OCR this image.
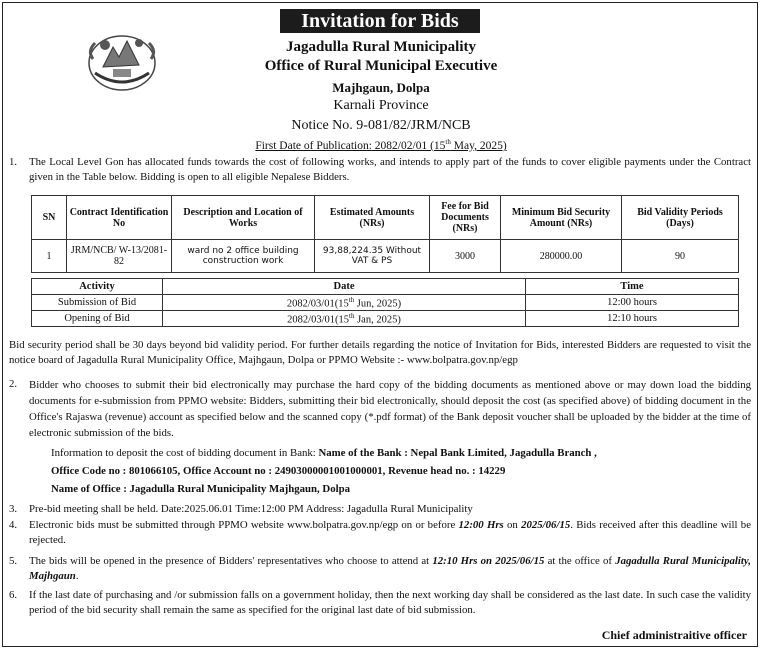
Invitation for Bids
Jagadulla Rural Municipality
Office of Rural Municipal Executive
Majhgaun, Dolpa
Karnali Province
Notice No. 9-081/82/JRM/NCB
First Date of Publication: 2082/02/01 (15th May, 2025)
1. The Local Level Gon has allocated funds towards the cost of following works, and intends to apply part of the funds to cover eligible payments under the Contract given in the Table below. Bidding is open to all eligible Nepalese Bidders.
SN	Contract Identification No	Description and Location of Works	Estimated Amounts (NRs)	Fee for Bid Documents (NRs)	Minimum Bid Security Amount (NRs)	Bid Validity Periods (Days)
1	JRM/NCB/ W-13/2081-82	ward no 2 office building construction work	93,88,224.35 Without VAT & PS	3000	280000.00	90
Activity	Date	Time
Submission of Bid	2082/03/01(15th Jun, 2025)	12:00 hours
Opening of Bid	2082/03/01(15th Jan, 2025)	12:10 hours
Bid security period shall be 30 days beyond bid validity period. For further details regarding the notice of Invitation for Bids, interested Bidders are requested to visit the notice board of Jagadulla Rural Municipality Office, Majhgaun, Dolpa or PPMO Website :- www.bolpatra.gov.np/egp
2. Bidder who chooses to submit their bid electronically may purchase the hard copy of the bidding documents as mentioned above or may down load the bidding documents for e-submission from PPMO website: Bidders, submitting their bid electronically, should deposit the cost (as specified above) of bidding document in the Office's Rajaswa (revenue) account as specified below and the scanned copy (*.pdf format) of the Bank deposit voucher shall be uploaded by the bidder at the time of electronic submission of the bids.
Information to deposit the cost of bidding document in Bank: Name of the Bank : Nepal Bank Limited, Jagadulla Branch ,
Office Code no : 801066105, Office Account no : 24903000001001000001, Revenue head no. : 14229
Name of Office : Jagadulla Rural Municipality Majhgaun, Dolpa
3. Pre-bid meeting shall be held. Date:2025.06.01 Time:12:00 PM Address: Jagadulla Rural Municipality
4. Electronic bids must be submitted through PPMO website www.bolpatra.gov.np/egp on or before 12:00 Hrs on 2025/06/15. Bids received after this deadline will be rejected.
5. The bids will be opened in the presence of Bidders' representatives who choose to attend at 12:10 Hrs on 2025/06/15 at the office of Jagadulla Rural Municipality, Majhgaun.
6. If the last date of purchasing and /or submission falls on a government holiday, then the next working day shall be considered as the last date. In such case the validity period of the bid security shall remain the same as specified for the original last date of bid submission.
Chief administraitive officer
